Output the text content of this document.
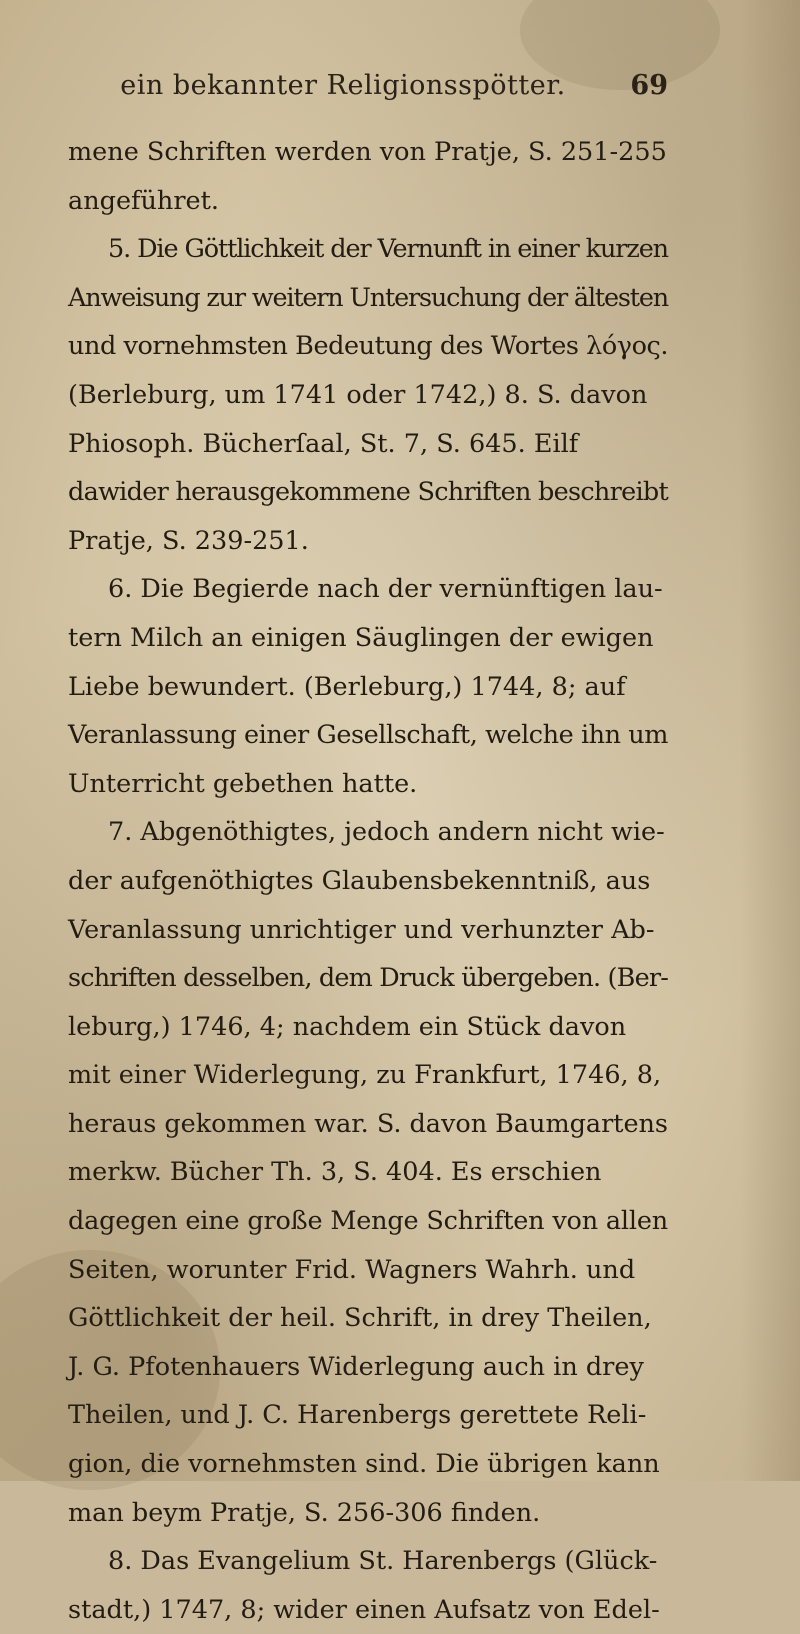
ein bekannter Religionsspötter.	69
mene Schriften werden von Pratje, S. 251-255
angeführet.
5. Die Göttlichkeit der Vernunft in einer kurzen
Anweisung zur weitern Untersuchung der ältesten
und vornehmsten Bedeutung des Wortes λόγος.
(Berleburg, um 1741 oder 1742,) 8. S. davon
Phiosoph. Bücherſaal, St. 7, S. 645. Eilf
dawider herausgekommene Schriften beschreibt
Pratje, S. 239-251.
6. Die Begierde nach der vernünftigen lau-
tern Milch an einigen Säuglingen der ewigen
Liebe bewundert. (Berleburg,) 1744, 8; auf
Veranlassung einer Gesellschaft, welche ihn um
Unterricht gebethen hatte.
7. Abgenöthigtes, jedoch andern nicht wie-
der aufgenöthigtes Glaubensbekenntniß, aus
Veranlassung unrichtiger und verhunzter Ab-
schriften desselben, dem Druck übergeben. (Ber-
leburg,) 1746, 4; nachdem ein Stück davon
mit einer Widerlegung, zu Frankfurt, 1746, 8,
heraus gekommen war. S. davon Baumgartens
merkw. Bücher Th. 3, S. 404. Es erschien
dagegen eine große Menge Schriften von allen
Seiten, worunter Frid. Wagners Wahrh. und
Göttlichkeit der heil. Schrift, in drey Theilen,
J. G. Pfotenhauers Widerlegung auch in drey
Theilen, und J. C. Harenbergs gerettete Reli-
gion, die vornehmsten sind. Die übrigen kann
man beym Pratje, S. 256-306 finden.
8. Das Evangelium St. Harenbergs (Glück-
stadt,) 1747, 8; wider einen Aufsatz von Edel-
